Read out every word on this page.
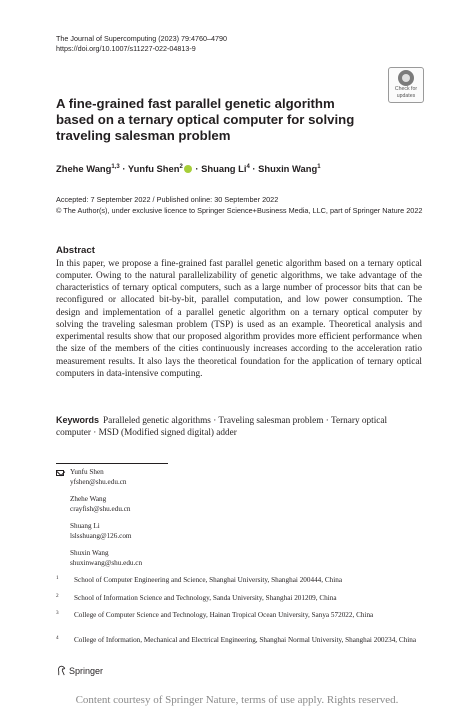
The Journal of Supercomputing (2023) 79:4760–4790
https://doi.org/10.1007/s11227-022-04813-9
Check for
updates
A fine-grained fast parallel genetic algorithm based on a ternary optical computer for solving traveling salesman problem
Zhehe Wang$^{1,3}$ · Yunfu Shen$^2$ · Shuang $Li^4$ · Shuxin Wang$^1$
Accepted: 7 September 2022 / Published online: 30 September 2022
© The Author(s), under exclusive licence to Springer Science+Business Media, LLC, part of Springer Nature 2022
Abstract
In this paper, we propose a fine-grained fast parallel genetic algorithm based on a ternary optical computer. Owing to the natural parallelizability of genetic algorithms, we take advantage of the characteristics of ternary optical computers, such as a large number of processor bits that can be reconfigured or allocated bit-by-bit, parallel computation, and low power consumption. The design and implementation of a parallel genetic algorithm on a ternary optical computer by solving the traveling salesman problem (TSP) is used as an example. Theoretical analysis and experimental results show that our proposed algorithm provides more efficient performance when the size of the members of the cities continuously increases according to the acceleration ratio measurement results. It also lays the theoretical foundation for the application of ternary optical computers in data-intensive computing.
Keywords Paralleled genetic algorithms · Traveling salesman problem · Ternary optical computer · MSD (Modified signed digital) adder
Yunfu Shen
yfshen@shu.edu.cn
Zhehe Wang
crayfish@shu.edu.cn
Shuang Li
lslsshuang@126.com
Shuxin Wang
shuxinwang@shu.edu.cn
1 School of Computer Engineering and Science, Shanghai University, Shanghai 200444, China
2 School of Information Science and Technology, Sanda University, Shanghai 201209, China
3 College of Computer Science and Technology, Hainan Tropical Ocean University, Sanya 572022, China
4 College of Information, Mechanical and Electrical Engineering, Shanghai Normal University, Shanghai 200234, China
Springer
Content courtesy of Springer Nature, terms of use apply. Rights reserved.
